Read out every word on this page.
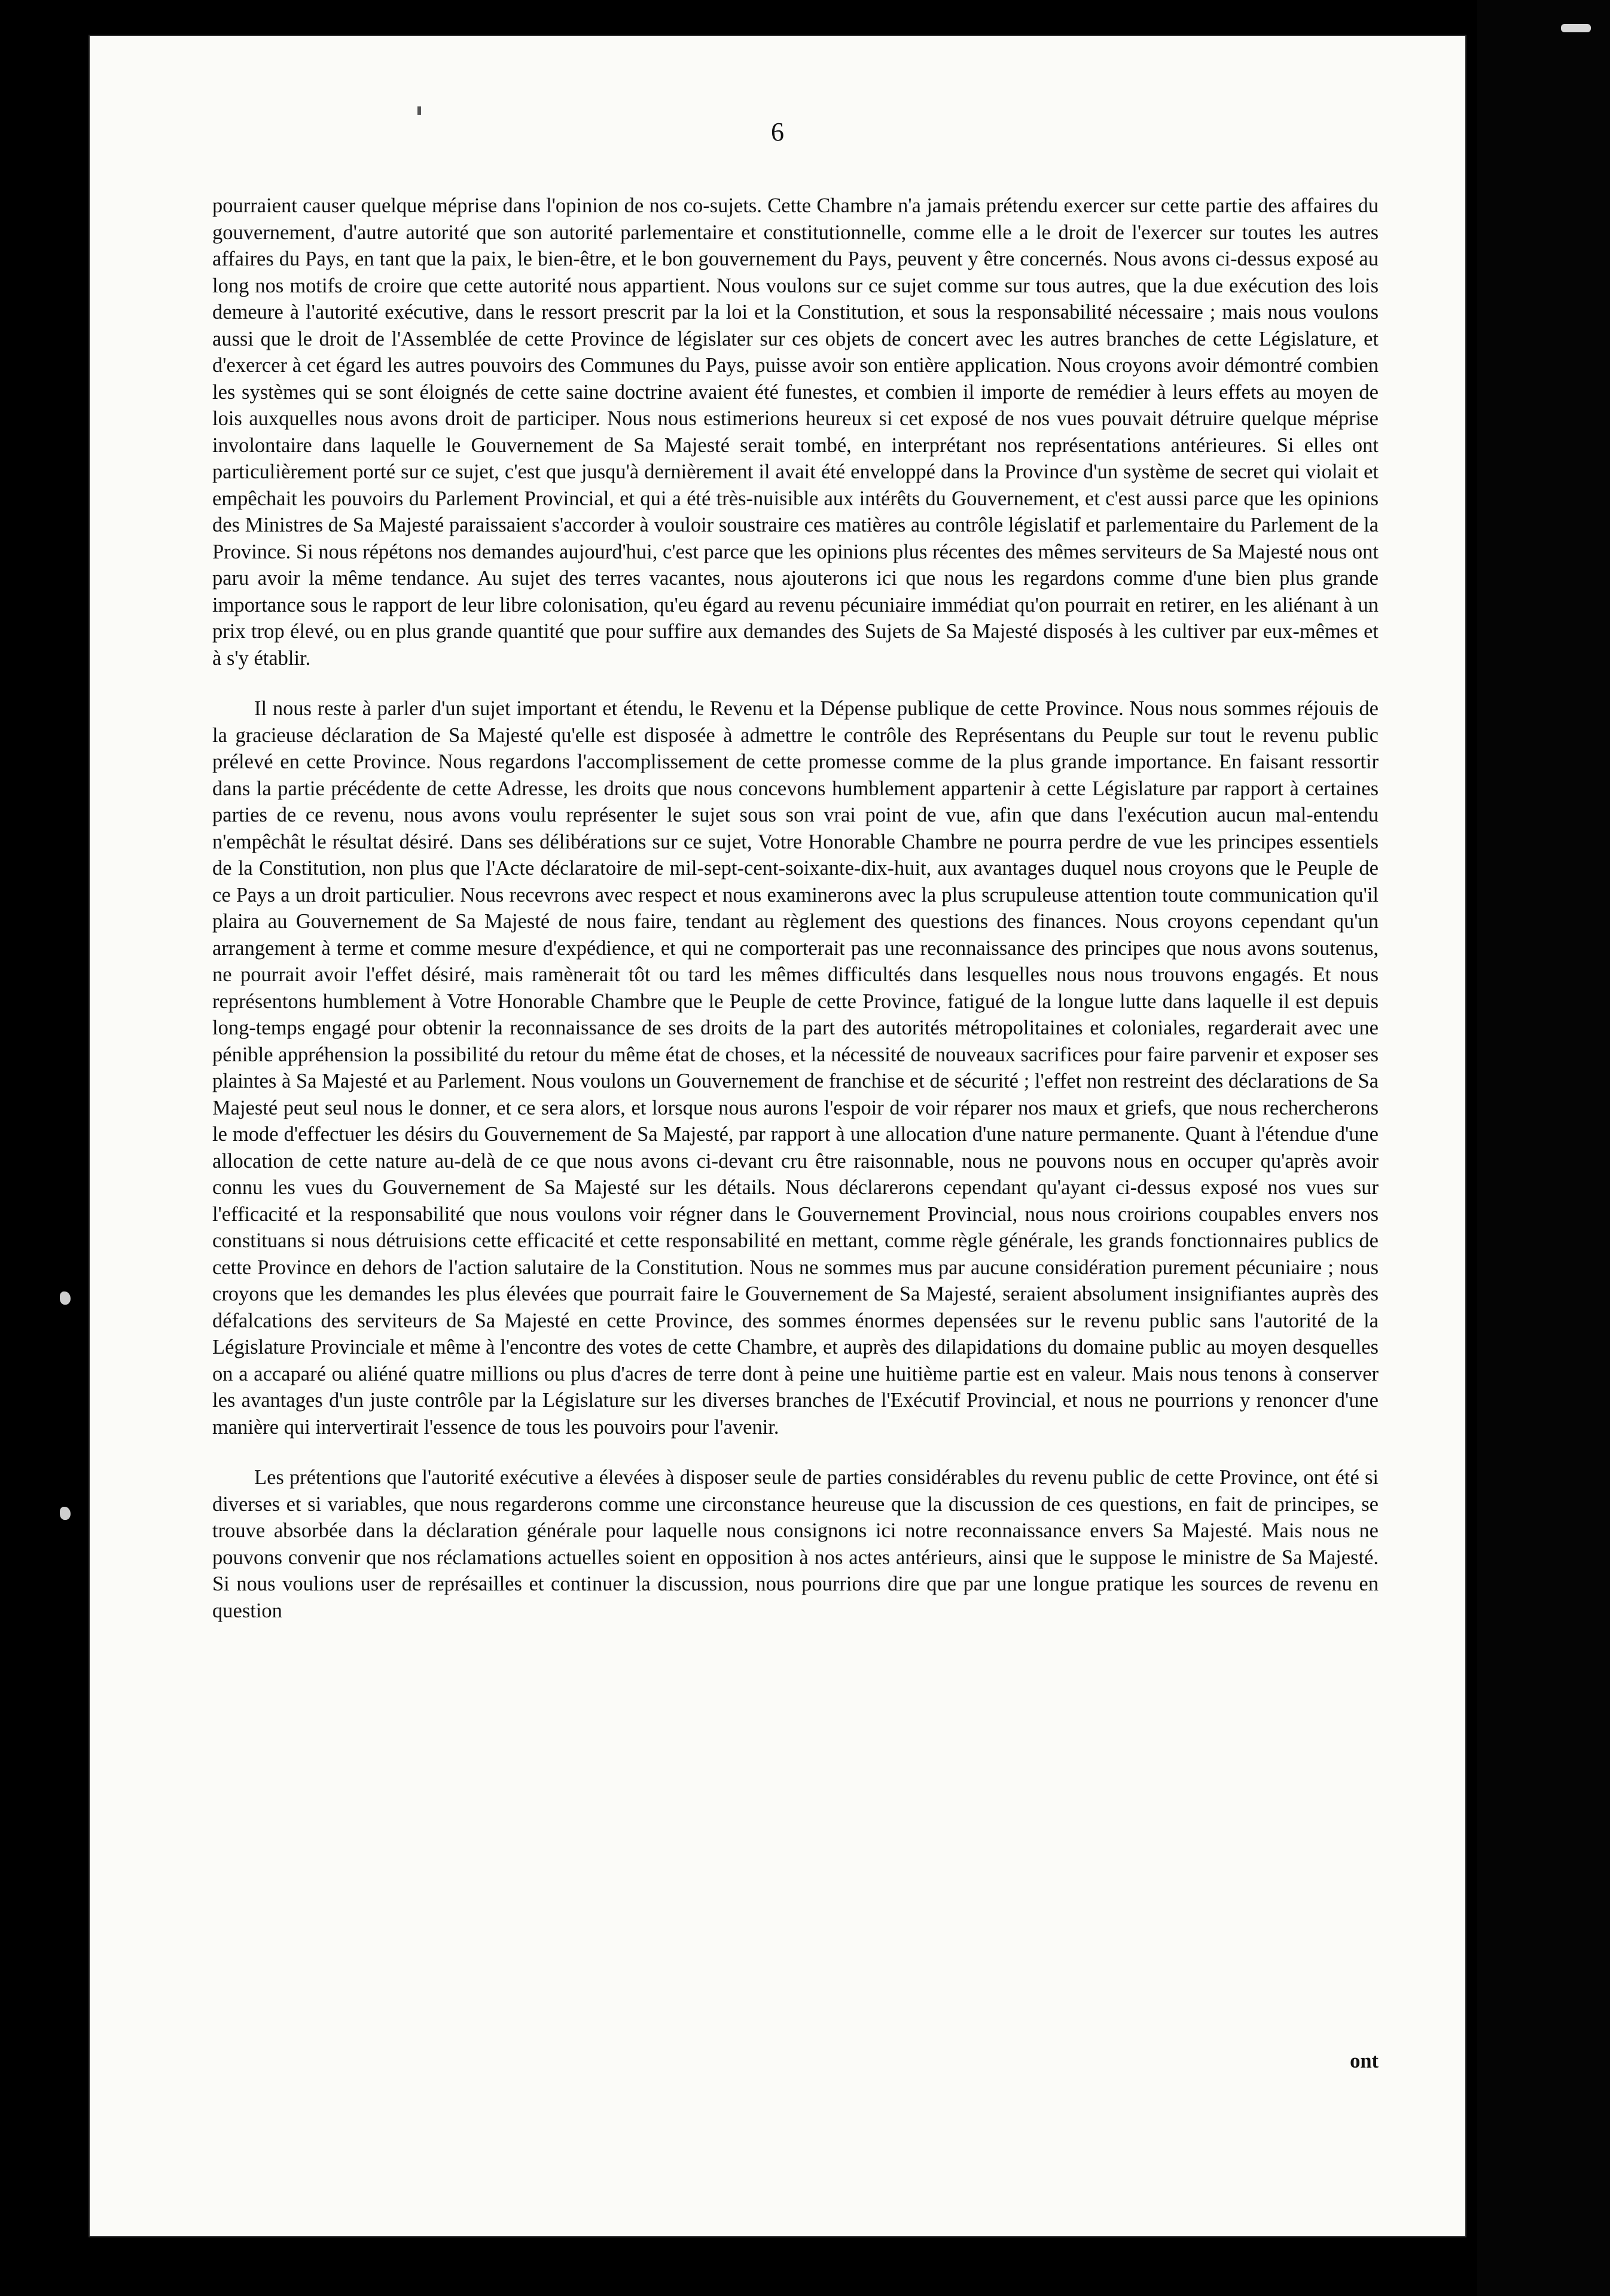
6

pourraient causer quelque méprise dans l'opinion de nos co-sujets. Cette Chambre n'a jamais prétendu exercer sur cette partie des affaires du gouvernement, d'autre autorité que son autorité parlementaire et constitutionnelle, comme elle a le droit de l'exercer sur toutes les autres affaires du Pays, en tant que la paix, le bien-être, et le bon gouvernement du Pays, peuvent y être concernés. Nous avons ci-dessus exposé au long nos motifs de croire que cette autorité nous appartient. Nous voulons sur ce sujet comme sur tous autres, que la due exécution des lois demeure à l'autorité exécutive, dans le ressort prescrit par la loi et la Constitution, et sous la responsabilité nécessaire ; mais nous voulons aussi que le droit de l'Assemblée de cette Province de législater sur ces objets de concert avec les autres branches de cette Législature, et d'exercer à cet égard les autres pouvoirs des Communes du Pays, puisse avoir son entière application. Nous croyons avoir démontré combien les systèmes qui se sont éloignés de cette saine doctrine avaient été funestes, et combien il importe de remédier à leurs effets au moyen de lois auxquelles nous avons droit de participer. Nous nous estimerions heureux si cet exposé de nos vues pouvait détruire quelque méprise involontaire dans laquelle le Gouvernement de Sa Majesté serait tombé, en interprétant nos représentations antérieures. Si elles ont particulièrement porté sur ce sujet, c'est que jusqu'à dernièrement il avait été enveloppé dans la Province d'un système de secret qui violait et empêchait les pouvoirs du Parlement Provincial, et qui a été très-nuisible aux intérêts du Gouvernement, et c'est aussi parce que les opinions des Ministres de Sa Majesté paraissaient s'accorder à vouloir soustraire ces matières au contrôle législatif et parlementaire du Parlement de la Province. Si nous répétons nos demandes aujourd'hui, c'est parce que les opinions plus récentes des mêmes serviteurs de Sa Majesté nous ont paru avoir la même tendance. Au sujet des terres vacantes, nous ajouterons ici que nous les regardons comme d'une bien plus grande importance sous le rapport de leur libre colonisation, qu'eu égard au revenu pécuniaire immédiat qu'on pourrait en retirer, en les aliénant à un prix trop élevé, ou en plus grande quantité que pour suffire aux demandes des Sujets de Sa Majesté disposés à les cultiver par eux-mêmes et à s'y établir.

Il nous reste à parler d'un sujet important et étendu, le Revenu et la Dépense publique de cette Province. Nous nous sommes réjouis de la gracieuse déclaration de Sa Majesté qu'elle est disposée à admettre le contrôle des Représentans du Peuple sur tout le revenu public prélevé en cette Province. Nous regardons l'accomplissement de cette promesse comme de la plus grande importance. En faisant ressortir dans la partie précédente de cette Adresse, les droits que nous concevons humblement appartenir à cette Législature par rapport à certaines parties de ce revenu, nous avons voulu représenter le sujet sous son vrai point de vue, afin que dans l'exécution aucun mal-entendu n'empêchât le résultat désiré. Dans ses délibérations sur ce sujet, Votre Honorable Chambre ne pourra perdre de vue les principes essentiels de la Constitution, non plus que l'Acte déclaratoire de mil-sept-cent-soixante-dix-huit, aux avantages duquel nous croyons que le Peuple de ce Pays a un droit particulier. Nous recevrons avec respect et nous examinerons avec la plus scrupuleuse attention toute communication qu'il plaira au Gouvernement de Sa Majesté de nous faire, tendant au règlement des questions des finances. Nous croyons cependant qu'un arrangement à terme et comme mesure d'expédience, et qui ne comporterait pas une reconnaissance des principes que nous avons soutenus, ne pourrait avoir l'effet désiré, mais ramènerait tôt ou tard les mêmes difficultés dans lesquelles nous nous trouvons engagés. Et nous représentons humblement à Votre Honorable Chambre que le Peuple de cette Province, fatigué de la longue lutte dans laquelle il est depuis long-temps engagé pour obtenir la reconnaissance de ses droits de la part des autorités métropolitaines et coloniales, regarderait avec une pénible appréhension la possibilité du retour du même état de choses, et la nécessité de nouveaux sacrifices pour faire parvenir et exposer ses plaintes à Sa Majesté et au Parlement. Nous voulons un Gouvernement de franchise et de sécurité ; l'effet non restreint des déclarations de Sa Majesté peut seul nous le donner, et ce sera alors, et lorsque nous aurons l'espoir de voir réparer nos maux et griefs, que nous rechercherons le mode d'effectuer les désirs du Gouvernement de Sa Majesté, par rapport à une allocation d'une nature permanente. Quant à l'étendue d'une allocation de cette nature au-delà de ce que nous avons ci-devant cru être raisonnable, nous ne pouvons nous en occuper qu'après avoir connu les vues du Gouvernement de Sa Majesté sur les détails. Nous déclarerons cependant qu'ayant ci-dessus exposé nos vues sur l'efficacité et la responsabilité que nous voulons voir régner dans le Gouvernement Provincial, nous nous croirions coupables envers nos constituans si nous détruisions cette efficacité et cette responsabilité en mettant, comme règle générale, les grands fonctionnaires publics de cette Province en dehors de l'action salutaire de la Constitution. Nous ne sommes mus par aucune considération purement pécuniaire ; nous croyons que les demandes les plus élevées que pourrait faire le Gouvernement de Sa Majesté, seraient absolument insignifiantes auprès des défalcations des serviteurs de Sa Majesté en cette Province, des sommes énormes depensées sur le revenu public sans l'autorité de la Législature Provinciale et même à l'encontre des votes de cette Chambre, et auprès des dilapidations du domaine public au moyen desquelles on a accaparé ou aliéné quatre millions ou plus d'acres de terre dont à peine une huitième partie est en valeur. Mais nous tenons à conserver les avantages d'un juste contrôle par la Législature sur les diverses branches de l'Exécutif Provincial, et nous ne pourrions y renoncer d'une manière qui intervertirait l'essence de tous les pouvoirs pour l'avenir.

Les prétentions que l'autorité exécutive a élevées à disposer seule de parties considérables du revenu public de cette Province, ont été si diverses et si variables, que nous regarderons comme une circonstance heureuse que la discussion de ces questions, en fait de principes, se trouve absorbée dans la déclaration générale pour laquelle nous consignons ici notre reconnaissance envers Sa Majesté. Mais nous ne pouvons convenir que nos réclamations actuelles soient en opposition à nos actes antérieurs, ainsi que le suppose le ministre de Sa Majesté. Si nous voulions user de représailles et continuer la discussion, nous pourrions dire que par une longue pratique les sources de revenu en question

ont
